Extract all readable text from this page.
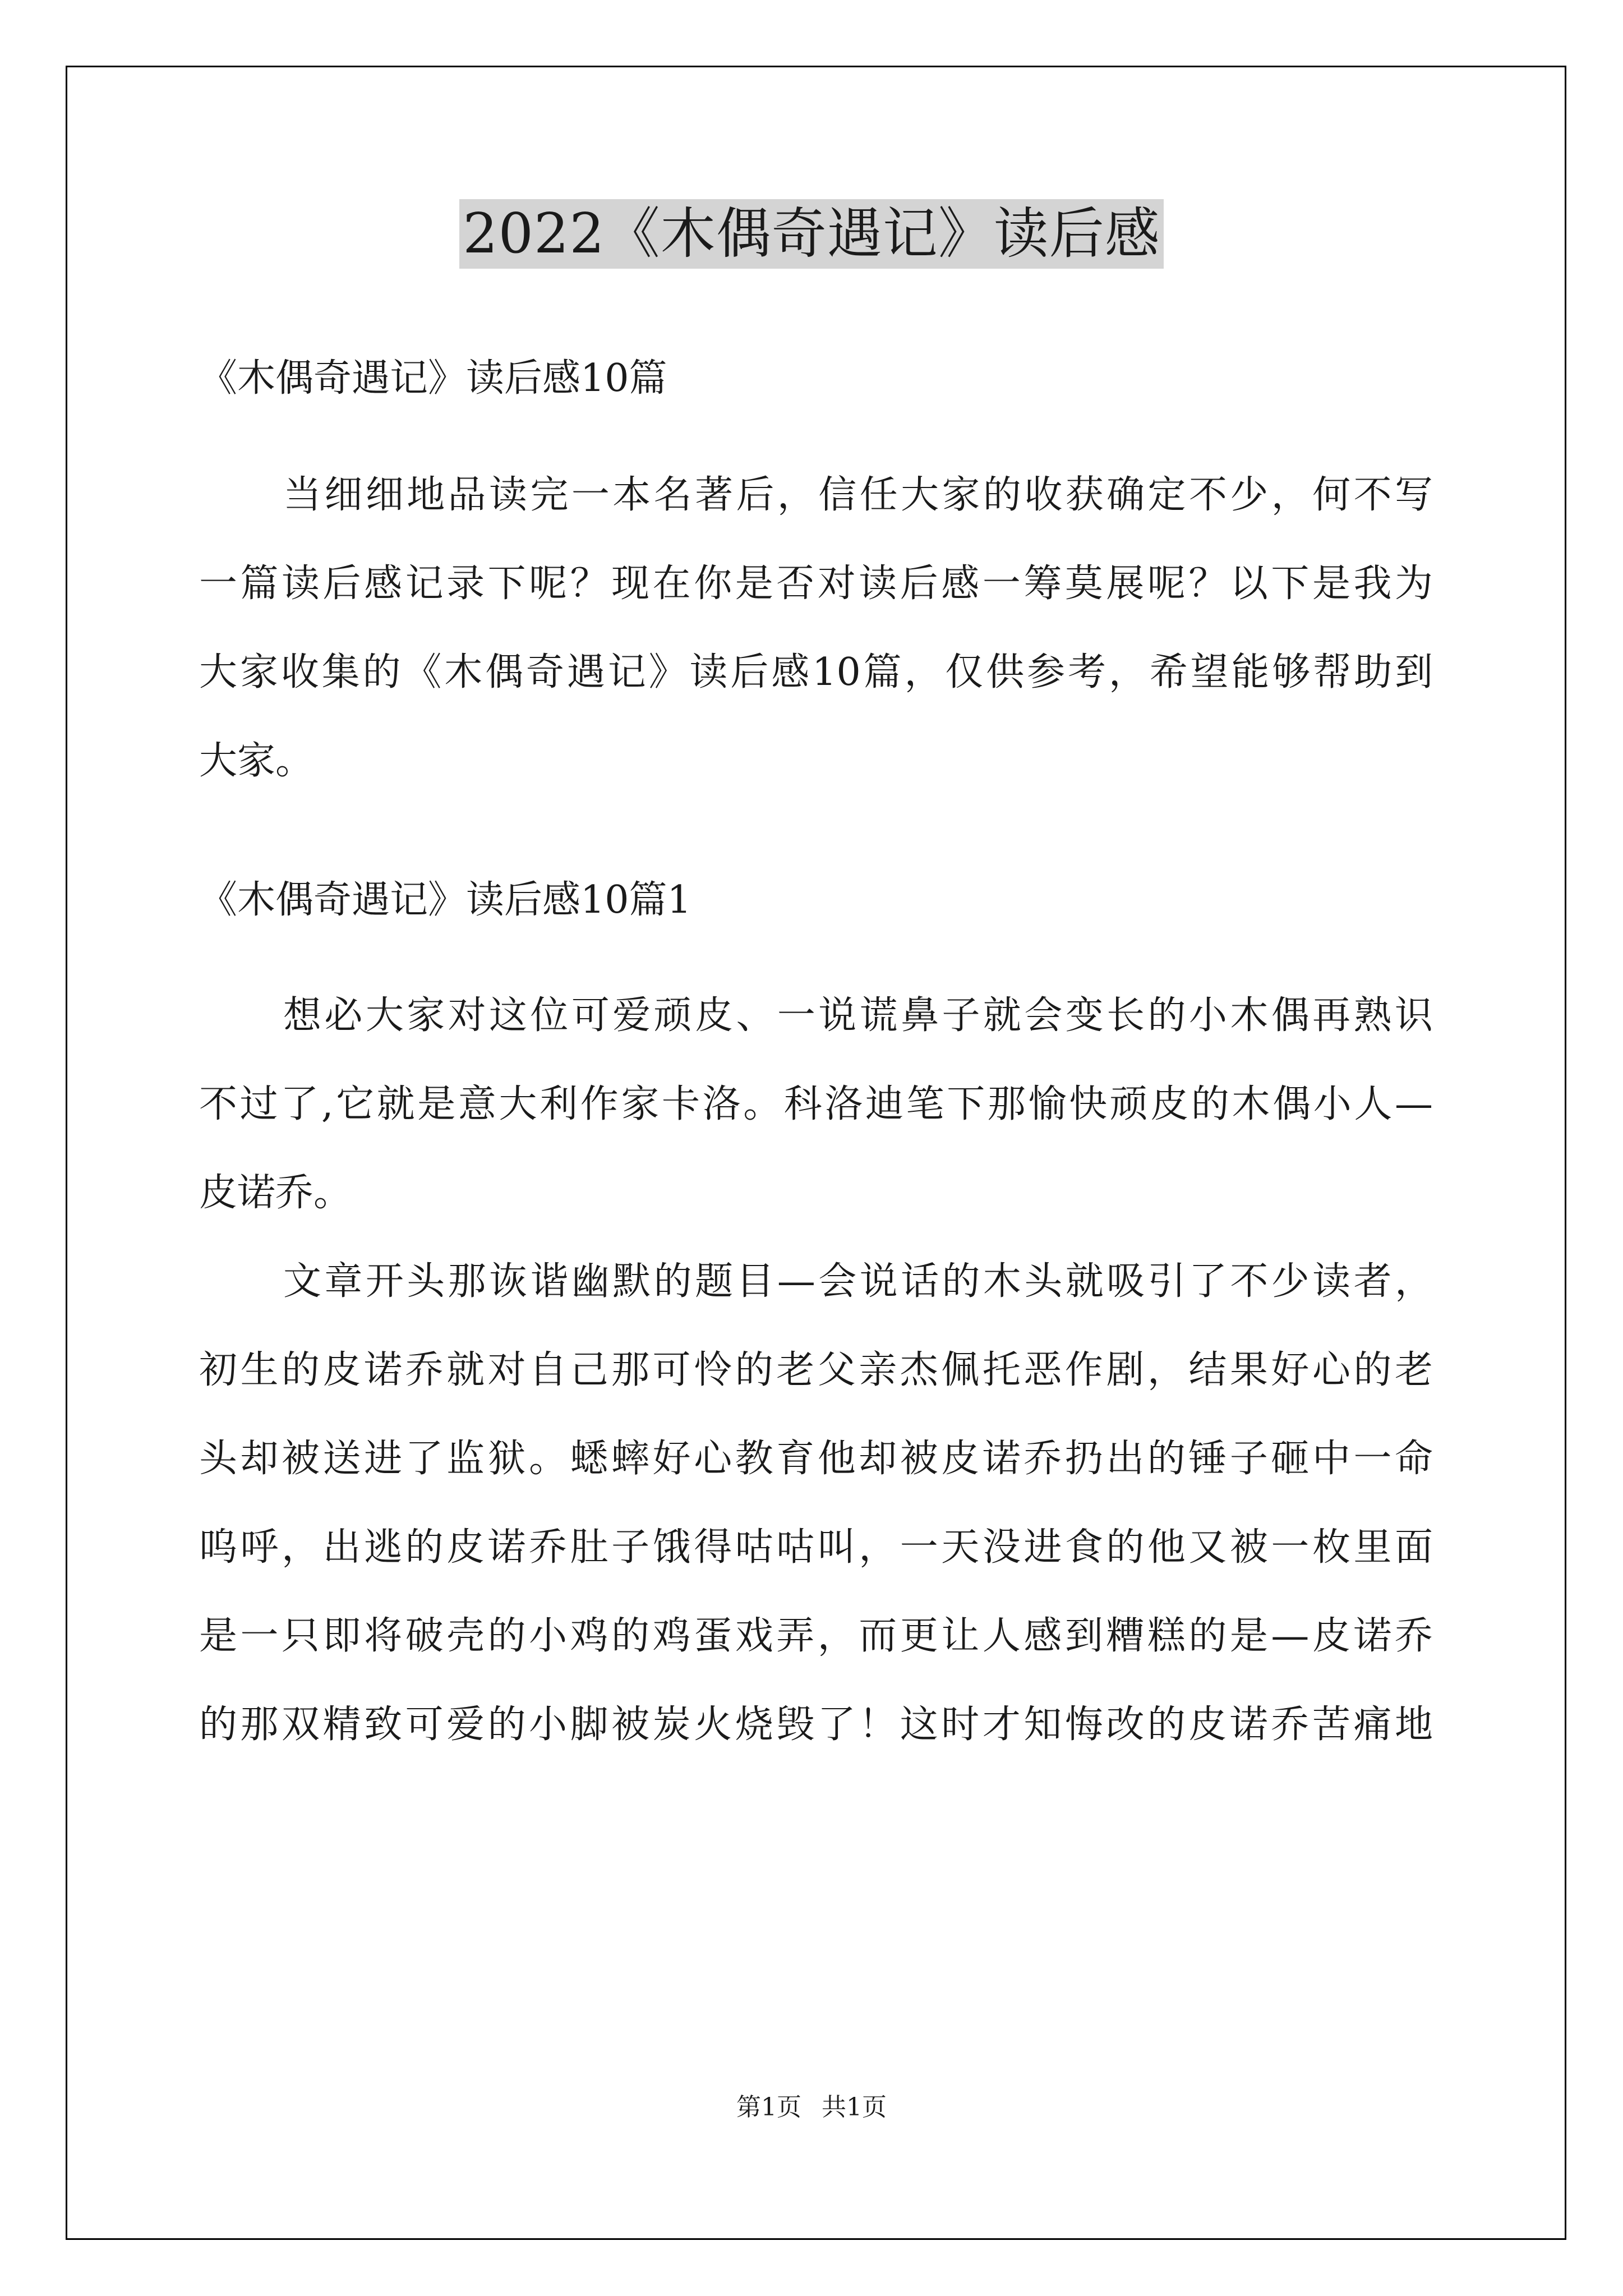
2022《木偶奇遇记》读后感
《木偶奇遇记》读后感10篇
当细细地品读完一本名著后，信任大家的收获确定不少，何不写
一篇读后感记录下呢？现在你是否对读后感一筹莫展呢？以下是我为
大家收集的《木偶奇遇记》读后感10篇，仅供参考，希望能够帮助到
大家。
《木偶奇遇记》读后感10篇1
想必大家对这位可爱顽皮、一说谎鼻子就会变长的小木偶再熟识
不过了,它就是意大利作家卡洛。科洛迪笔下那愉快顽皮的木偶小人—
皮诺乔。
文章开头那诙谐幽默的题目—会说话的木头就吸引了不少读者，
初生的皮诺乔就对自己那可怜的老父亲杰佩托恶作剧，结果好心的老
头却被送进了监狱。蟋蟀好心教育他却被皮诺乔扔出的锤子砸中一命
呜呼，出逃的皮诺乔肚子饿得咕咕叫，一天没进食的他又被一枚里面
是一只即将破壳的小鸡的鸡蛋戏弄，而更让人感到糟糕的是—皮诺乔
的那双精致可爱的小脚被炭火烧毁了！这时才知悔改的皮诺乔苦痛地
第1页 共1页
